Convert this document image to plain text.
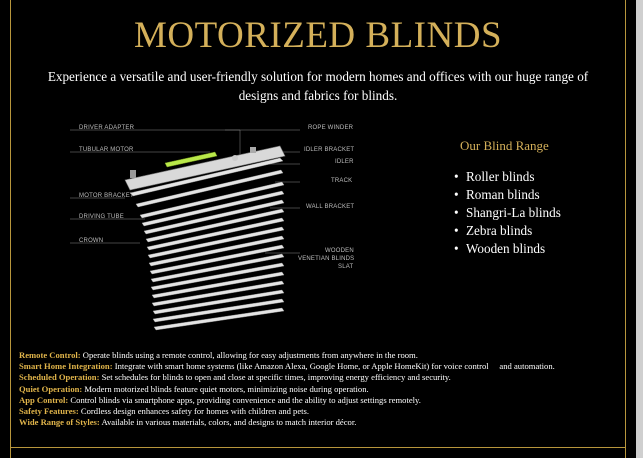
MOTORIZED BLINDS
Experience a versatile and user-friendly solution for modern homes and offices with our huge range of designs and fabrics for blinds.
DRIVER ADAPTER
TUBULAR MOTOR
MOTOR BRACKET
DRIVING TUBE
CROWN
ROPE WINDER
IDLER BRACKET
IDLER
TRACK
WALL BRACKET
WOODEN
VENETIAN BLINDS
SLAT
Our Blind Range
• Roller blinds
• Roman blinds
• Shangri-La blinds
• Zebra blinds
• Wooden blinds
Remote Control: Operate blinds using a remote control, allowing for easy adjustments from anywhere in the room.
Smart Home Integration: Integrate with smart home systems (like Amazon Alexa, Google Home, or Apple HomeKit) for voice control     and automation.
Scheduled Operation: Set schedules for blinds to open and close at specific times, improving energy efficiency and security.
Quiet Operation: Modern motorized blinds feature quiet motors, minimizing noise during operation.
App Control: Control blinds via smartphone apps, providing convenience and the ability to adjust settings remotely.
Safety Features: Cordless design enhances safety for homes with children and pets.
Wide Range of Styles: Available in various materials, colors, and designs to match interior décor.
